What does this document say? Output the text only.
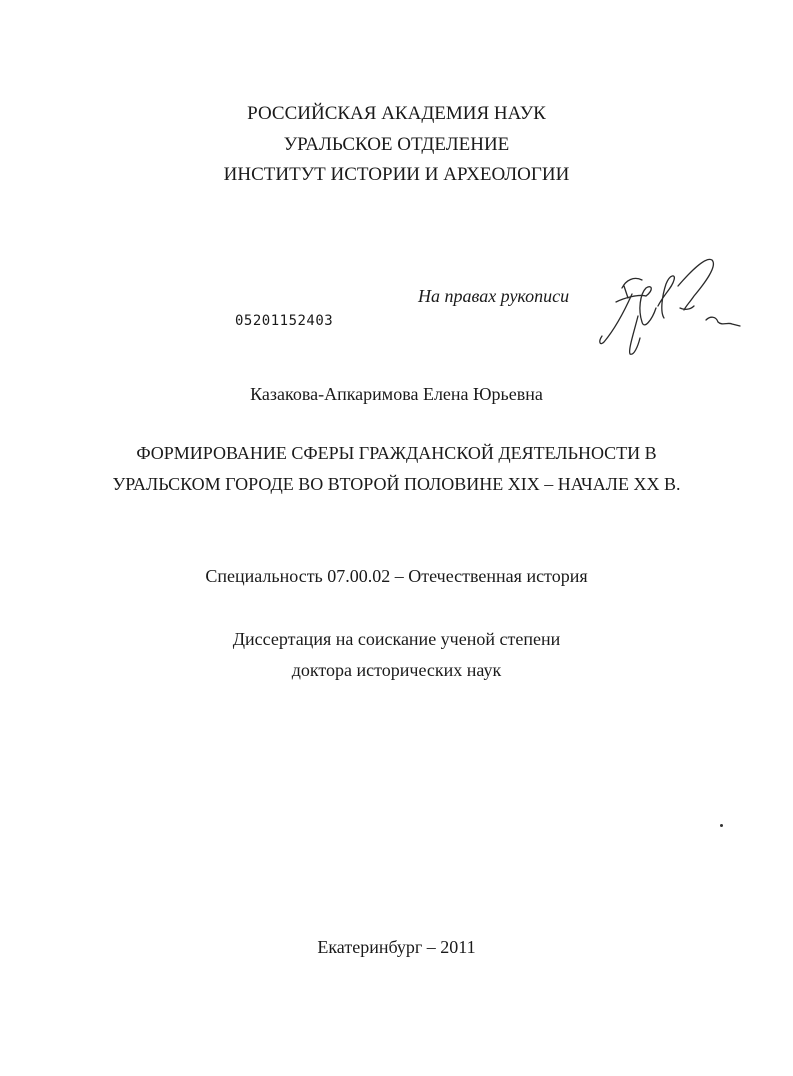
РОССИЙСКАЯ АКАДЕМИЯ НАУК
УРАЛЬСКОЕ ОТДЕЛЕНИЕ
ИНСТИТУТ ИСТОРИИ И АРХЕОЛОГИИ
На правах рукописи
05201152403
Казакова-Апкаримова Елена Юрьевна
ФОРМИРОВАНИЕ СФЕРЫ ГРАЖДАНСКОЙ ДЕЯТЕЛЬНОСТИ В
УРАЛЬСКОМ ГОРОДЕ ВО ВТОРОЙ ПОЛОВИНЕ XIX – НАЧАЛЕ XX В.
Специальность 07.00.02 – Отечественная история
Диссертация на соискание ученой степени
доктора исторических наук
Екатеринбург – 2011
